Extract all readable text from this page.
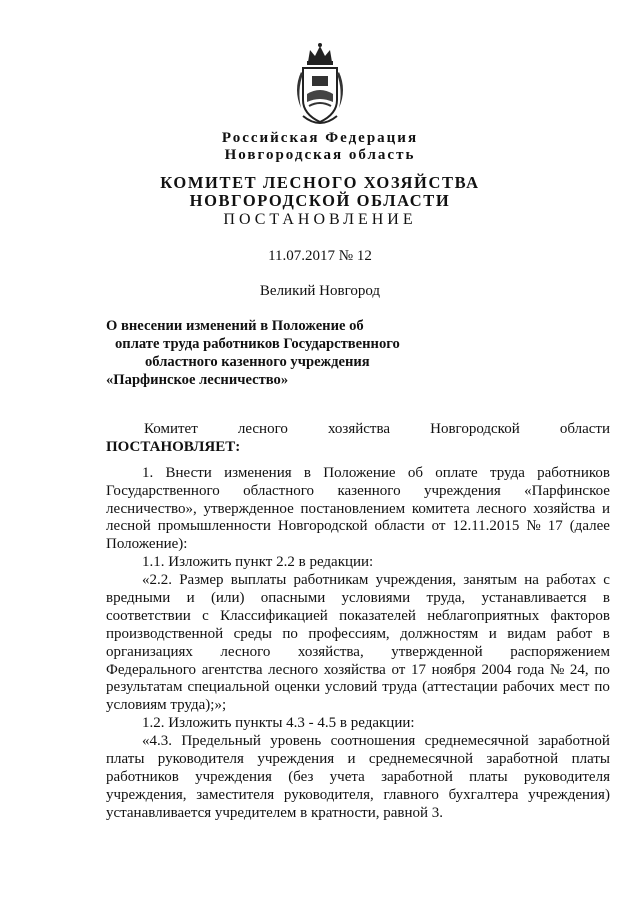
Российская Федерация
Новгородская область
КОМИТЕТ ЛЕСНОГО ХОЗЯЙСТВА
НОВГОРОДСКОЙ ОБЛАСТИ
ПОСТАНОВЛЕНИЕ
11.07.2017 № 12
Великий Новгород
О внесении изменений в Положение об
оплате труда работников Государственного
областного казенного учреждения
«Парфинское лесничество»
Комитет	лесного	хозяйства	Новгородской	области
ПОСТАНОВЛЯЕТ:
1. Внести изменения в Положение об оплате труда работников
Государственного областного казенного учреждения «Парфинское
лесничество», утвержденное постановлением комитета лесного хозяйства и
лесной промышленности Новгородской области от 12.11.2015 № 17 (далее
Положение):
1.1. Изложить пункт 2.2 в редакции:
«2.2. Размер выплаты работникам учреждения, занятым на работах с
вредными и (или) опасными условиями труда, устанавливается в
соответствии с Классификацией показателей неблагоприятных факторов
производственной среды по профессиям, должностям и видам работ в
организациях лесного хозяйства, утвержденной распоряжением
Федерального агентства лесного хозяйства от 17 ноября 2004 года № 24, по
результатам специальной оценки условий труда (аттестации рабочих мест по
условиям труда);»;
1.2. Изложить пункты 4.3 - 4.5 в редакции:
«4.3. Предельный уровень соотношения среднемесячной заработной
платы руководителя учреждения и среднемесячной заработной платы
работников учреждения (без учета заработной платы руководителя
учреждения, заместителя руководителя, главного бухгалтера учреждения)
устанавливается учредителем в кратности, равной 3.
